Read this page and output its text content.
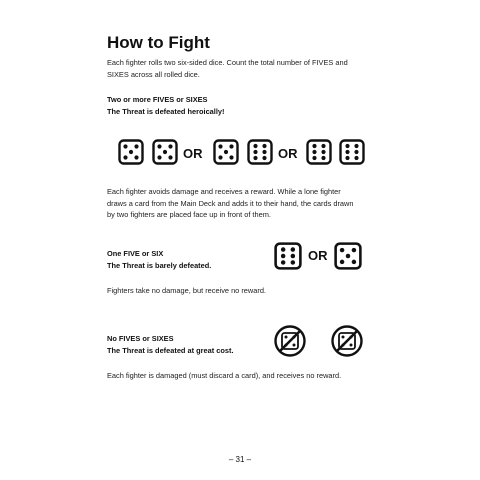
How to Fight
Each fighter rolls two six-sided dice. Count the total number of FIVES and
SIXES across all rolled dice.
Two or more FIVES or SIXES
The Threat is defeated heroically!
OR	OR
Each fighter avoids damage and receives a reward. While a lone fighter
draws a card from the Main Deck and adds it to their hand, the cards drawn
by two fighters are placed face up in front of them.
One FIVE or SIX
The Threat is barely defeated.
OR
Fighters take no damage, but receive no reward.
No FIVES or SIXES
The Threat is defeated at great cost.
Each fighter is damaged (must discard a card), and receives no reward.
– 31 –
